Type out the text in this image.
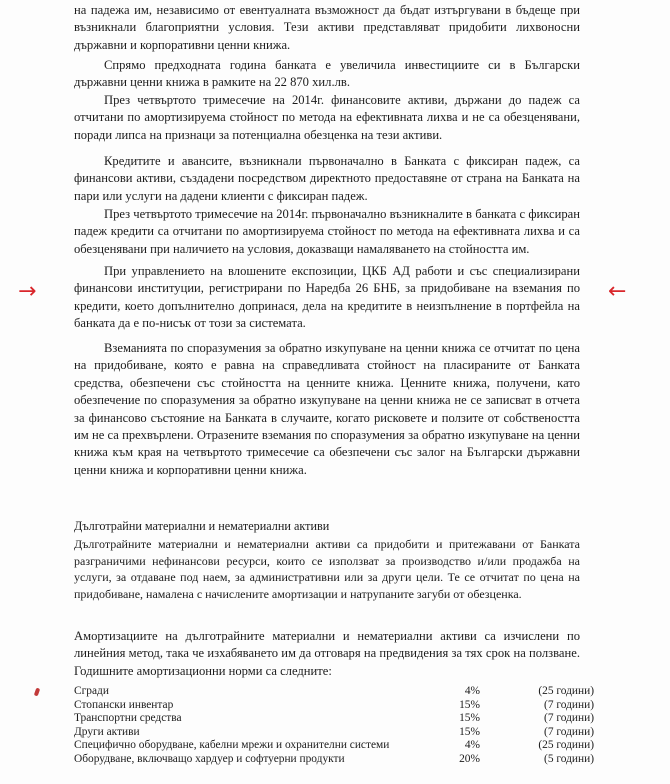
на падежа им, независимо от евентуалната възможност да бъдат изтъргувани в бъдеще при възникнали благоприятни условия. Тези активи представляват придобити лихвоносни държавни и корпоративни ценни книжа.

Спрямо предходната година банката е увеличила инвестициите си в Български държавни ценни книжа в рамките на 22 870 хил.лв.

През четвъртото тримесечие на 2014г. финансовите активи, държани до падеж са отчитани по амортизируема стойност по метода на ефективната лихва и не са обезценявани, поради липса на признаци за потенциална обезценка на тези активи.

Кредитите и авансите, възникнали първоначално в Банката с фиксиран падеж, са финансови активи, създадени посредством директното предоставяне от страна на Банката на пари или услуги на дадени клиенти с фиксиран падеж.

През четвъртото тримесечие на 2014г. първоначално възникналите в банката с фиксиран падеж кредити са отчитани по амортизируема стойност по метода на ефективната лихва и са обезценявани при наличието на условия, доказващи намаляването на стойността им.

При управлението на влошените експозиции, ЦКБ АД работи и със специализирани финансови институции, регистрирани по Наредба 26 БНБ, за придобиване на вземания по кредити, което допълнително допринася, дела на кредитите в неизпълнение в портфейла на банката да е по-нисък от този за системата.

Вземанията по споразумения за обратно изкупуване на ценни книжа се отчитат по цена на придобиване, която е равна на справедливата стойност на пласираните от Банката средства, обезпечени със стойността на ценните книжа. Ценните книжа, получени, като обезпечение по споразумения за обратно изкупуване на ценни книжа не се записват в отчета за финансово състояние на Банката в случаите, когато рисковете и ползите от собствеността им не са прехвърлени. Отразените вземания по споразумения за обратно изкупуване на ценни книжа към края на четвъртото тримесечие са обезпечени със залог на Български държавни ценни книжа и корпоративни ценни книжа.

Дълготрайни материални и нематериални активи

Дълготрайните материални и нематериални активи са придобити и притежавани от Банката разграничими нефинансови ресурси, които се използват за производство и/или продажба на услуги, за отдаване под наем, за административни или за други цели. Те се отчитат по цена на придобиване, намалена с начислените амортизации и натрупаните загуби от обезценка.

Амортизациите на дълготрайните материални и нематериални активи са изчислени по линейния метод, така че изхабяването им да отговаря на предвидения за тях срок на ползване. Годишните амортизационни норми са следните:

→	←
Сгради	4%	(25 години)
Стопански инвентар	15%	(7 години)
Транспортни средства	15%	(7 години)
Други активи	15%	(7 години)
Специфично оборудване, кабелни мрежи и охранителни системи	4%	(25 години)
Оборудване, включващо хардуер и софтуерни продукти	20%	(5 години)
